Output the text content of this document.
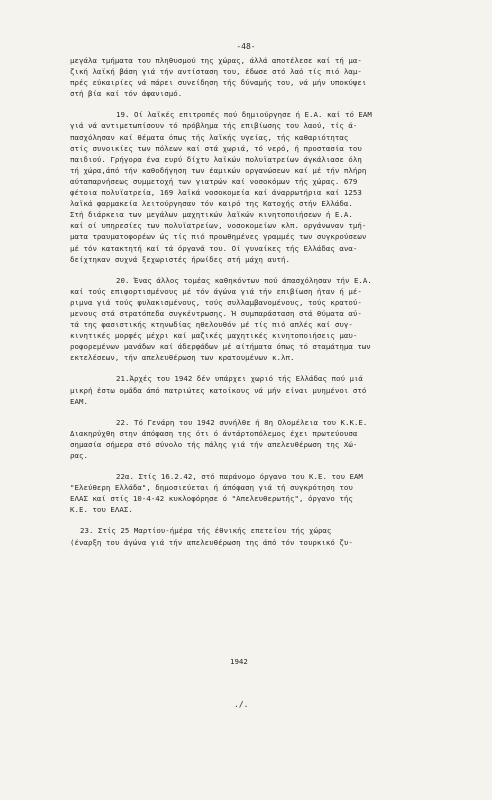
-48-
μεγάλα τμήματα του πληθυσμού της χώρας, άλλά αποτέλεσε καί τή μα-
ζική λαϊκή βάση γιά τήν αντίσταση του, έδωσε στό λαό τίς πιό λαμ-
πρές εύκαιρίες νά πάρει συνείδηση τής δύναμής του, νά μήν υποκύψει
στή βία καί τόν άφανισμό.
19. Οί λαϊκές επιτροπές πού δημιούργησε ή Ε.Α. καί τό ΕΑΜ
γιά νά αντιμετωπίσουν τό πρόβλημα τής επιβίωσης του λαού, τίς ά-
πασχόλησαν καί θέματα όπως τής λαϊκής υγείας, τής καθαριότητας
στίς συνοικίες των πόλεων καί στά χωριά, τό νερό, ή προστασία του
παιδιού. Γρήγορα ένα ευρύ δίχτυ λαϊκών πολυϊατρείων άγκάλιασε όλη
τή χώρα,άπό τήν καθοδήγηση των έαμικών οργανώσεων καί μέ τήν πλήρη
αύταπαρνήσεως συμμετοχή των γιατρών καί νοσοκόμων τής χώρας. 679
φέτοια πολυϊατρεία, 169 λαϊκά νοσοκομεία καί άναρρωτήρια καί 1253
λαϊκά φαρμακεία λειτούργησαν τόν καιρό της Κατοχής στήν Ελλάδα.
Στή διάρκεια των μεγάλων μαχητικών λαϊκών κινητοποιήσεων ή Ε.Α.
καί οί υπηρεσίες των πολυϊατρείων, νοσοκομείων κλπ. οργάνωναν τμή-
ματα τραυματοφορέων ώς τίς πιό προωθημένες γραμμές των συγκρούσεων
μέ τόν κατακτητή καί τά όργανά του. Οί γυναίκες τής Ελλάδας ανα-
δείχτηκαν συχνά ξεχωριστές ήρωίδες στή μάχη αυτή.
20. Ένας άλλος τομέας καθηκόντων πού άπασχόλησαν τήν Ε.Α.
καί τούς επιφορτισμένους μέ τόν άγώνα γιά τήν επιβίωση ήταν ή μέ-
ριμνα γιά τούς φυλακισμένους, τούς συλλαμβανομένους, τούς κρατού-
μενους στά στρατόπεδα συγκέντρωσης. Ή συμπαράσταση στά θύματα αύ-
τά της φασιστικής κτηνωδίας ηθελουθόν μέ τίς πιό απλές καί συγ-
κινητικές μορφές μέχρι καί μαζικές μαχητικές κινητοποιήσεις μαυ-
ροφορεμένων μανάδων καί άδερφάδων μέ αίτήματα όπως τό σταμάτημα των
εκτελέσεων, τήν απελευθέρωση των κρατουμένων κ.λπ.
21.Άρχές του 1942 δέν υπάρχει χωριό τής Ελλάδας πού μιά
μικρή έστω ομάδα άπό πατριώτες κατοίκους νά μήν είναι μυημένοι στό
ΕΑΜ.
22. Τό Γενάρη του 1942 συνήλθε ή 8η Ολομέλεια του Κ.Κ.Ε.
Διακηρύχθη στην άπόφαση της ότι ό άντάρτοπόλεμος έχει πρωτεύουσα
σημασία σήμερα στό σύνολο τής πάλης γιά τήν απελευθέρωση της Χώ-
ρας.
22α. Στίς 16.2.42, στό παράνομο όργανο του Κ.Ε. του ΕΑΜ
"Ελεύθερη Ελλάδα", δημοσιεύεται ή άπόφαση γιά τή συγκρότηση του
ΕΛΑΣ καί στίς 10-4-42 κυκλοφόρησε ό "Απελευθερωτής", όργανο τής
Κ.Ε. του ΕΛΑΣ.
23. Στίς 25 Μαρτίου-ήμέρα τής έθνικής επετείου τής χώρας
(έναρξη του άγώνα γιά τήν απελευθέρωση της άπό τόν τουρκικό ζυ-
1942
./.
